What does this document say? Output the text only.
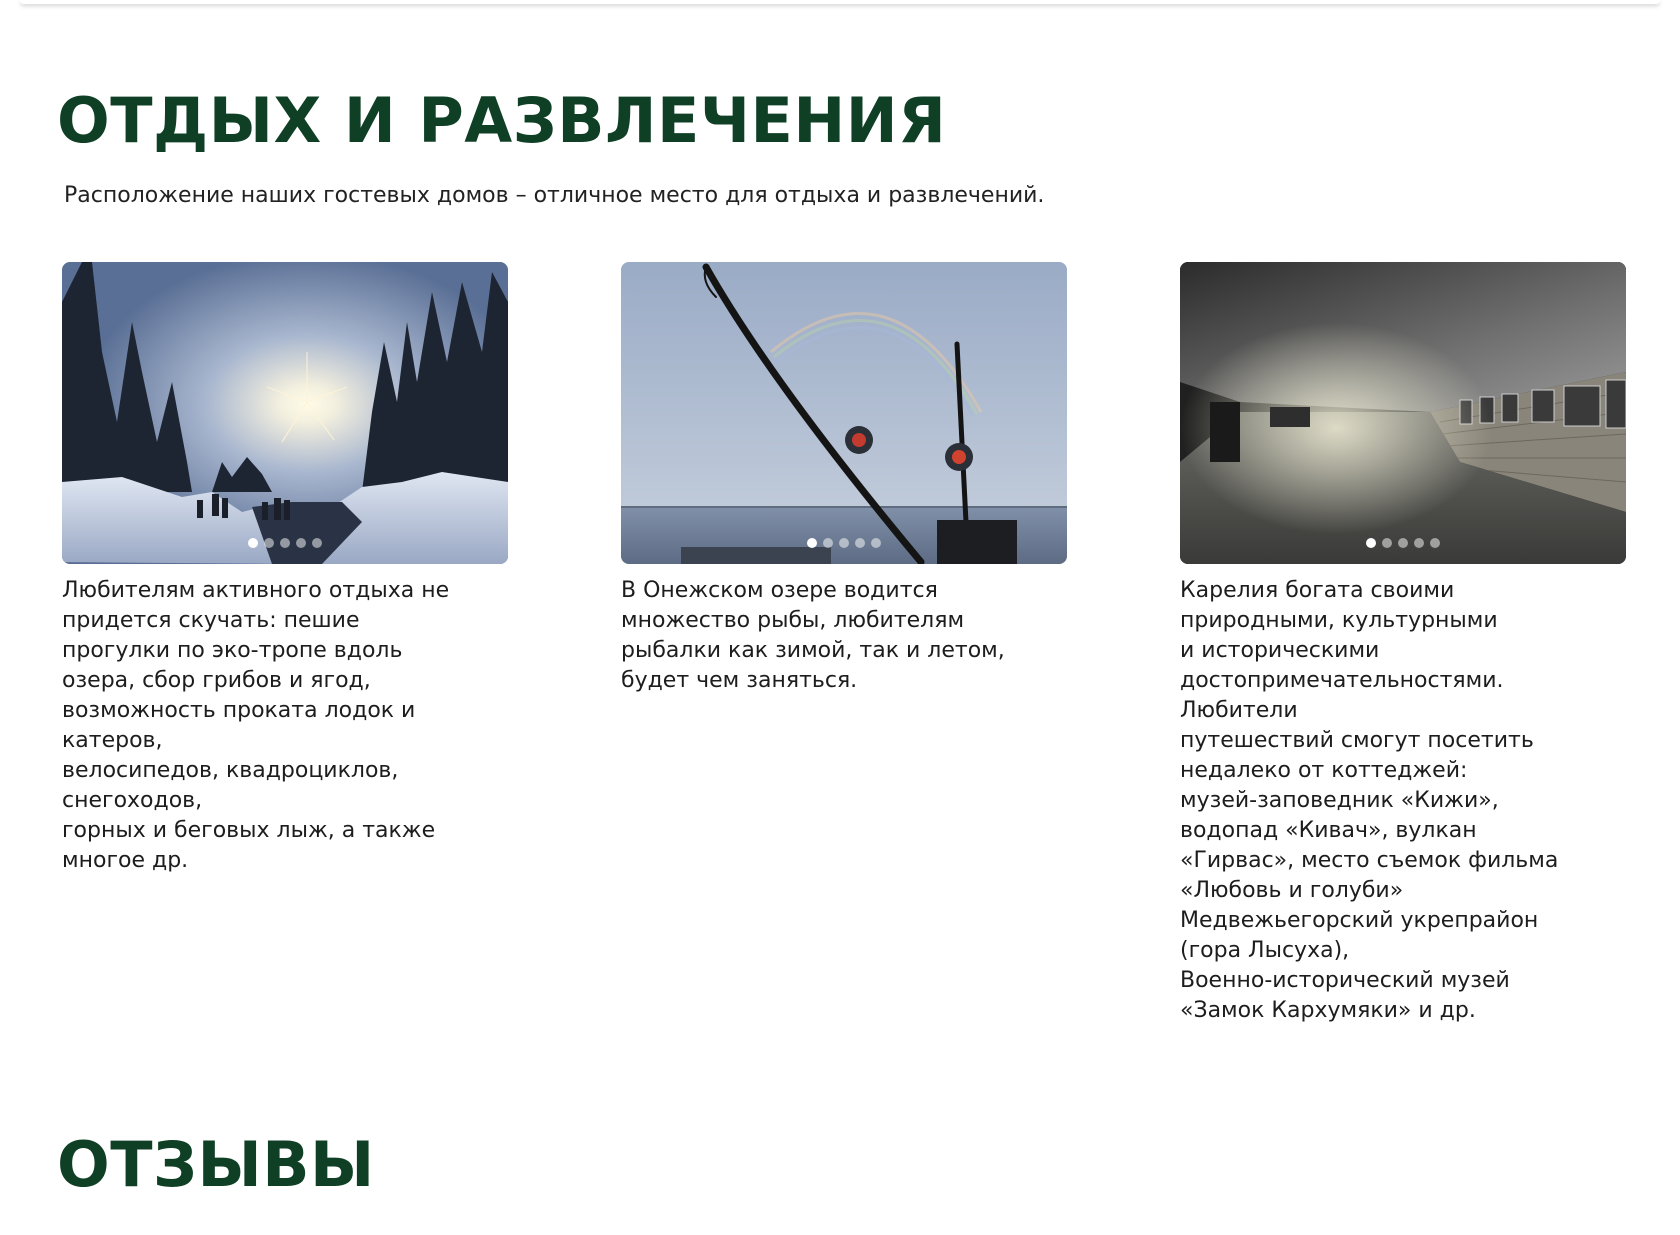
ОТДЫХ И РАЗВЛЕЧЕНИЯ

Расположение наших гостевых домов – отличное место для отдыха и развлечений.

Любителям активного отдыха не
придется скучать: пешие
прогулки по эко-тропе вдоль
озера, сбор грибов и ягод,
возможность проката лодок и
катеров,
велосипедов, квадроциклов,
снегоходов,
горных и беговых лыж, а также
многое др.
В Онежском озере водится
множество рыбы, любителям
рыбалки как зимой, так и летом,
будет чем заняться.
Карелия богата своими
природными, культурными
и историческими
достопримечательностями.
Любители
путешествий смогут посетить
недалеко от коттеджей:
музей-заповедник «Кижи»,
водопад «Кивач», вулкан
«Гирвас», место съемок фильма
«Любовь и голуби»
Медвежьегорский укрепрайон
(гора Лысуха),
Военно-исторический музей
«Замок Кархумяки» и др.
ОТЗЫВЫ
